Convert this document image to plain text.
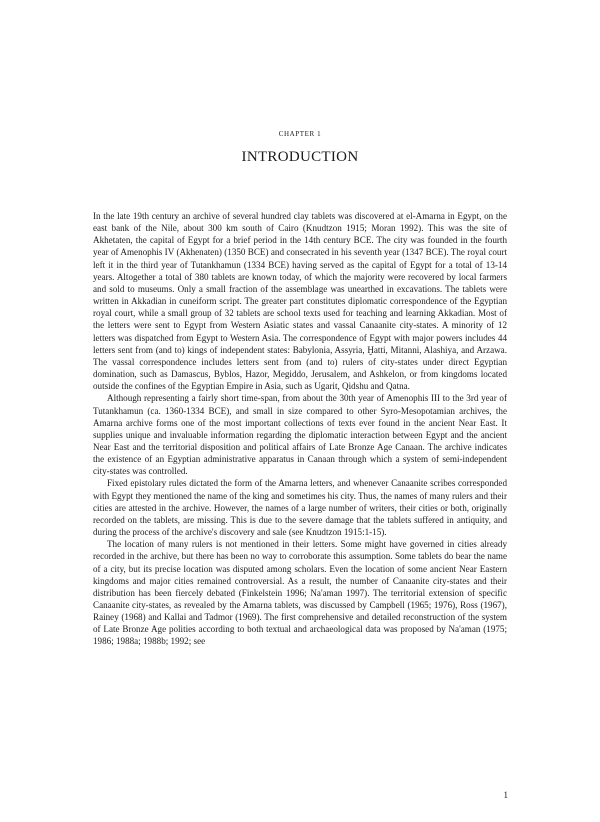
CHAPTER 1
INTRODUCTION

In the late 19th century an archive of several hundred clay tablets was discovered at el-Amarna in Egypt, on the east bank of the Nile, about 300 km south of Cairo (Knudtzon 1915; Moran 1992). This was the site of Akhetaten, the capital of Egypt for a brief period in the 14th century BCE. The city was founded in the fourth year of Amenophis IV (Akhenaten) (1350 BCE) and consecrated in his seventh year (1347 BCE). The royal court left it in the third year of Tutankhamun (1334 BCE) having served as the capital of Egypt for a total of 13-14 years. Altogether a total of 380 tablets are known today, of which the majority were recovered by local farmers and sold to museums. Only a small fraction of the assemblage was unearthed in excavations. The tablets were written in Akkadian in cuneiform script. The greater part constitutes diplomatic correspondence of the Egyptian royal court, while a small group of 32 tablets are school texts used for teaching and learning Akkadian. Most of the letters were sent to Egypt from Western Asiatic states and vassal Canaanite city-states. A minority of 12 letters was dispatched from Egypt to Western Asia. The correspondence of Egypt with major powers includes 44 letters sent from (and to) kings of independent states: Babylonia, Assyria, Ḫatti, Mitanni, Alashiya, and Arzawa. The vassal correspondence includes letters sent from (and to) rulers of city-states under direct Egyptian domination, such as Damascus, Byblos, Hazor, Megiddo, Jerusalem, and Ashkelon, or from kingdoms located outside the confines of the Egyptian Empire in Asia, such as Ugarit, Qidshu and Qatna.

Although representing a fairly short time-span, from about the 30th year of Amenophis III to the 3rd year of Tutankhamun (ca. 1360-1334 BCE), and small in size compared to other Syro-Mesopotamian archives, the Amarna archive forms one of the most important collections of texts ever found in the ancient Near East. It supplies unique and invaluable information regarding the diplomatic interaction between Egypt and the ancient Near East and the territorial disposition and political affairs of Late Bronze Age Canaan. The archive indicates the existence of an Egyptian administrative apparatus in Canaan through which a system of semi-independent city-states was controlled.

Fixed epistolary rules dictated the form of the Amarna letters, and whenever Canaanite scribes corresponded with Egypt they mentioned the name of the king and sometimes his city. Thus, the names of many rulers and their cities are attested in the archive. However, the names of a large number of writers, their cities or both, originally recorded on the tablets, are missing. This is due to the severe damage that the tablets suffered in antiquity, and during the process of the archive's discovery and sale (see Knudtzon 1915:1-15).

The location of many rulers is not mentioned in their letters. Some might have governed in cities already recorded in the archive, but there has been no way to corroborate this assumption. Some tablets do bear the name of a city, but its precise location was disputed among scholars. Even the location of some ancient Near Eastern kingdoms and major cities remained controversial. As a result, the number of Canaanite city-states and their distribution has been fiercely debated (Finkelstein 1996; Na'aman 1997). The territorial extension of specific Canaanite city-states, as revealed by the Amarna tablets, was discussed by Campbell (1965; 1976), Ross (1967), Rainey (1968) and Kallai and Tadmor (1969). The first comprehensive and detailed reconstruction of the system of Late Bronze Age polities according to both textual and archaeological data was proposed by Na'aman (1975; 1986; 1988a; 1988b; 1992; see

1
